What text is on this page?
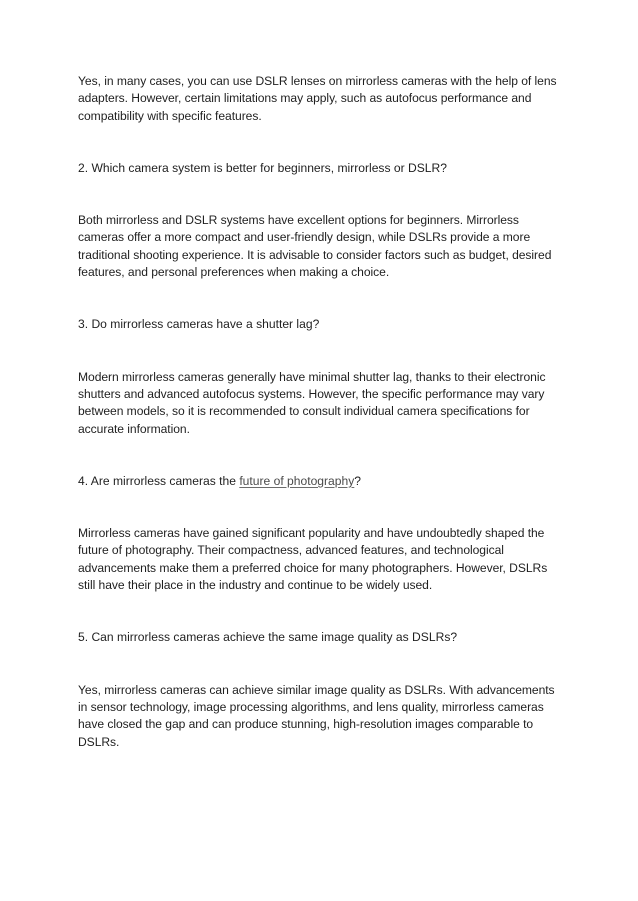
Yes, in many cases, you can use DSLR lenses on mirrorless cameras with the help of lens adapters. However, certain limitations may apply, such as autofocus performance and compatibility with specific features.

2. Which camera system is better for beginners, mirrorless or DSLR?

Both mirrorless and DSLR systems have excellent options for beginners. Mirrorless cameras offer a more compact and user-friendly design, while DSLRs provide a more traditional shooting experience. It is advisable to consider factors such as budget, desired features, and personal preferences when making a choice.

3. Do mirrorless cameras have a shutter lag?

Modern mirrorless cameras generally have minimal shutter lag, thanks to their electronic shutters and advanced autofocus systems. However, the specific performance may vary between models, so it is recommended to consult individual camera specifications for accurate information.

4. Are mirrorless cameras the future of photography?

Mirrorless cameras have gained significant popularity and have undoubtedly shaped the future of photography. Their compactness, advanced features, and technological advancements make them a preferred choice for many photographers. However, DSLRs still have their place in the industry and continue to be widely used.

5. Can mirrorless cameras achieve the same image quality as DSLRs?

Yes, mirrorless cameras can achieve similar image quality as DSLRs. With advancements in sensor technology, image processing algorithms, and lens quality, mirrorless cameras have closed the gap and can produce stunning, high-resolution images comparable to DSLRs.
